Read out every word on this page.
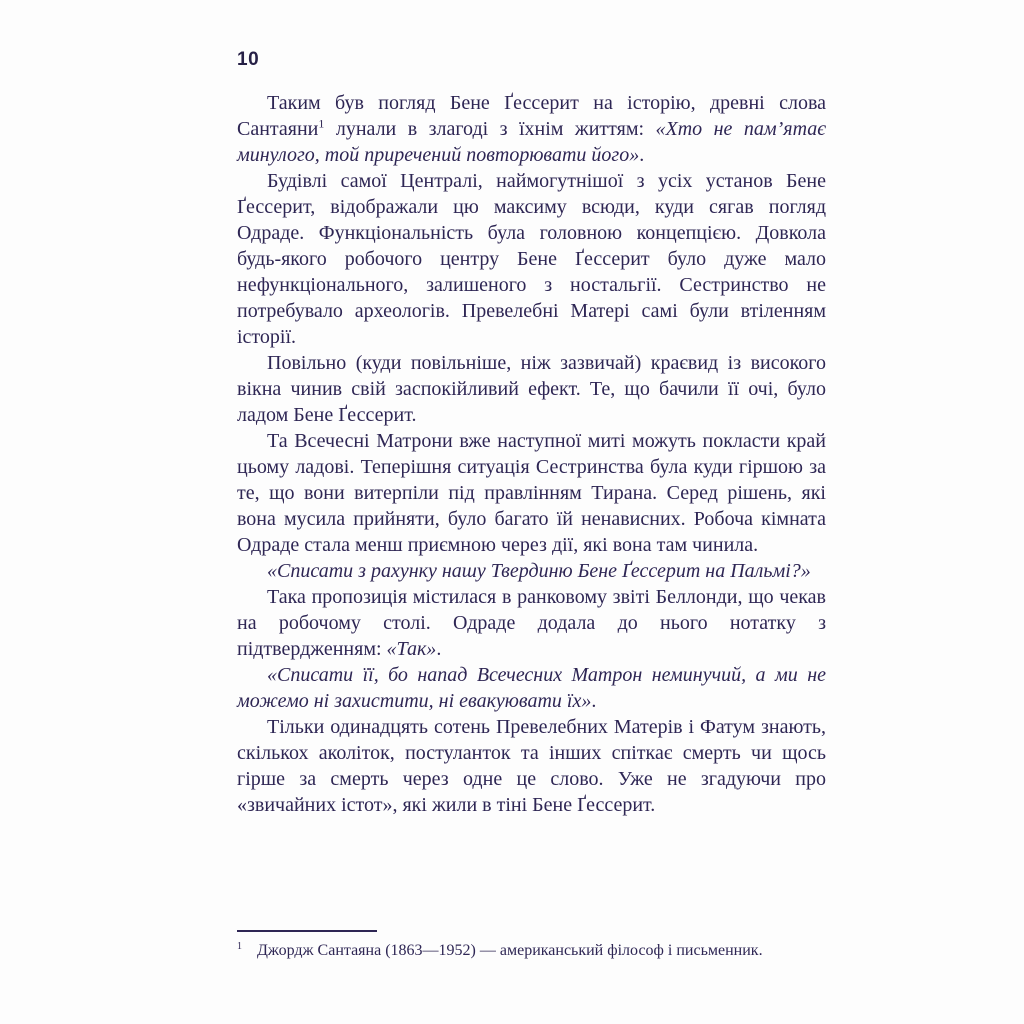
10

Таким був погляд Бене Ґессерит на історію, древні слова Сантаяни$^1$ лунали в злагоді з їхнім життям: «Хто не пам’ятає минулого, той приречений повторювати його».

Будівлі самої Централі, наймогутнішої з усіх установ Бене Ґессерит, відображали цю максиму всюди, куди сягав погляд Одраде. Функціональність була головною концепцією. Довкола будь-якого робочого центру Бене Ґессерит було дуже мало нефункціонального, залишеного з ностальгії. Сестринство не потребувало археологів. Превелебні Матері самі були втіленням історії.

Повільно (куди повільніше, ніж зазвичай) краєвид із високого вікна чинив свій заспокійливий ефект. Те, що бачили її очі, було ладом Бене Ґессерит.

Та Всечесні Матрони вже наступної миті можуть покласти край цьому ладові. Теперішня ситуація Сестринства була куди гіршою за те, що вони витерпіли під правлінням Тирана. Серед рішень, які вона мусила прийняти, було багато їй ненависних. Робоча кімната Одраде стала менш приємною через дії, які вона там чинила.

«Списати з рахунку нашу Твердиню Бене Ґессерит на Пальмі?»

Така пропозиція містилася в ранковому звіті Беллонди, що чекав на робочому столі. Одраде додала до нього нотатку з підтвердженням: «Так».

«Списати її, бо напад Всечесних Матрон неминучий, а ми не можемо ні захистити, ні евакуювати їх».

Тільки одинадцять сотень Превелебних Матерів і Фатум знають, скількох аколіток, постуланток та інших спіткає смерть чи щось гірше за смерть через одне це слово. Уже не згадуючи про «звичайних істот», які жили в тіні Бене Ґессерит.

$^1$ Джордж Сантаяна (1863—1952) — американський філософ і письменник.
